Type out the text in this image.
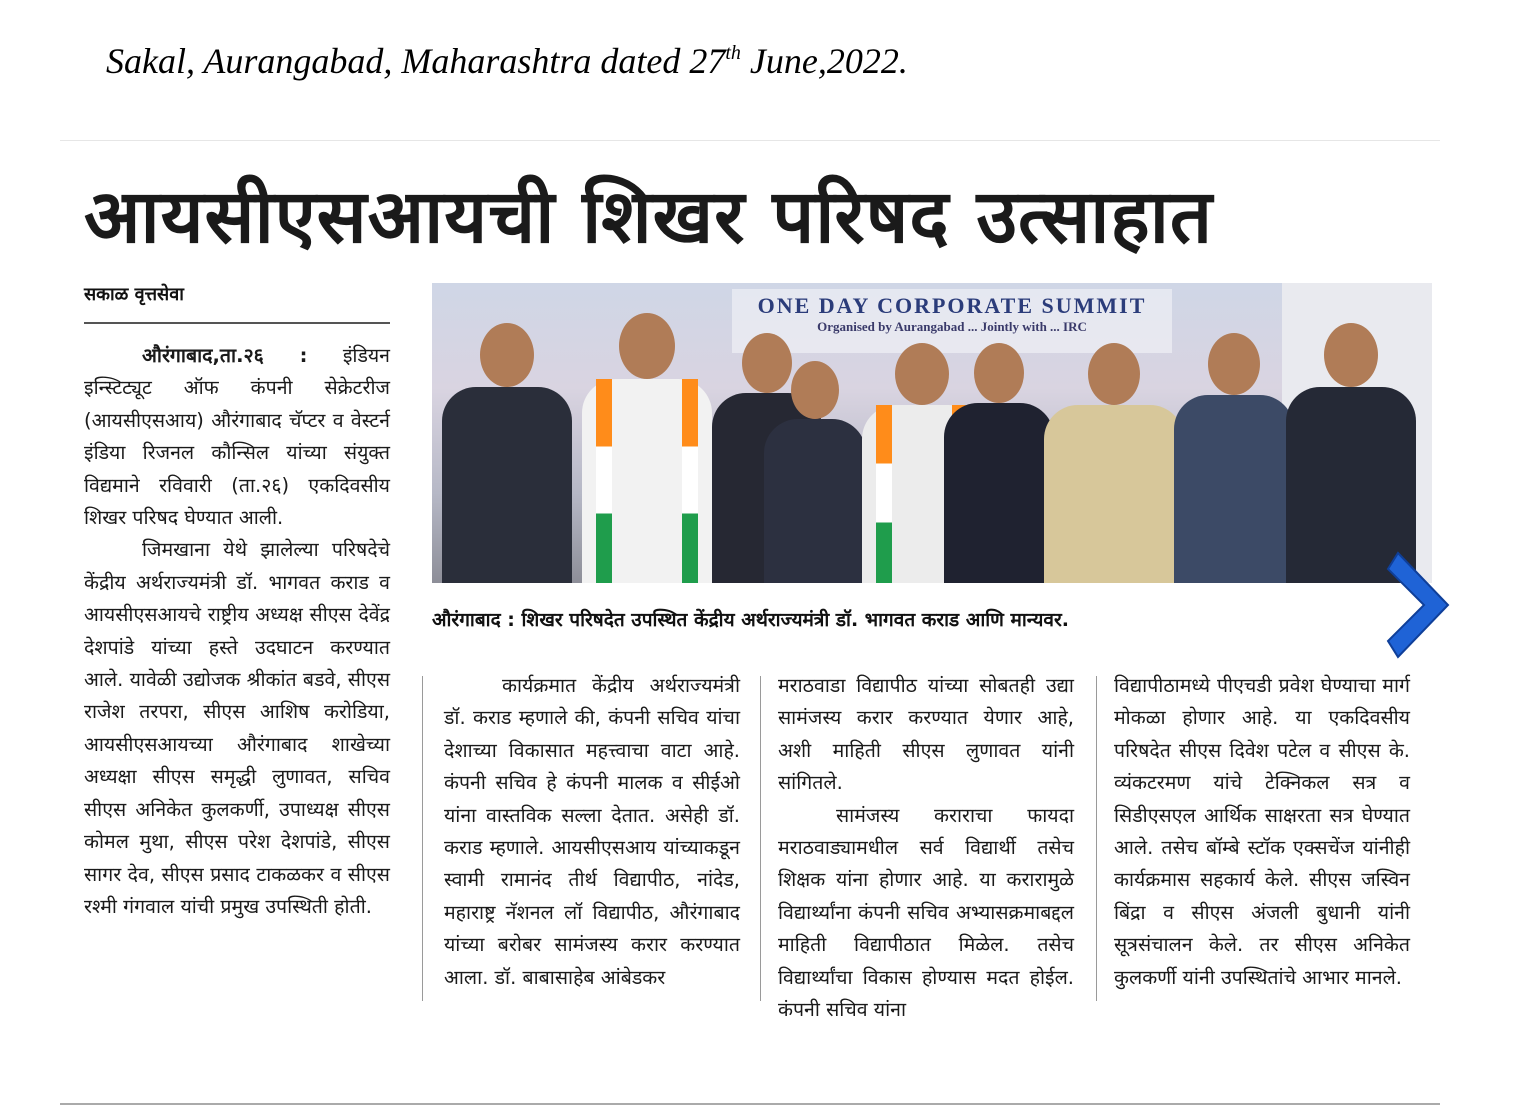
Sakal, Aurangabad, Maharashtra dated 27th June,2022.
आयसीएसआयची शिखर परिषद उत्साहात
सकाळ वृत्तसेवा

औरंगाबाद,ता.२६ : इंडियन इन्स्टिट्यूट ऑफ कंपनी सेक्रेटरीज (आयसीएसआय) औरंगाबाद चॅप्टर व वेस्टर्न इंडिया रिजनल कौन्सिल यांच्या संयुक्त विद्यमाने रविवारी (ता.२६) एकदिवसीय शिखर परिषद घेण्यात आली.

जिमखाना येथे झालेल्या परिषदेचे केंद्रीय अर्थराज्यमंत्री डॉ. भागवत कराड व आयसीएसआयचे राष्ट्रीय अध्यक्ष सीएस देवेंद्र देशपांडे यांच्या हस्ते उदघाटन करण्यात आले. यावेळी उद्योजक श्रीकांत बडवे, सीएस राजेश तरपरा, सीएस आशिष करोडिया, आयसीएसआयच्या औरंगाबाद शाखेच्या अध्यक्षा सीएस समृद्धी लुणावत, सचिव सीएस अनिकेत कुलकर्णी, उपाध्यक्ष सीएस कोमल मुथा, सीएस परेश देशपांडे, सीएस सागर देव, सीएस प्रसाद टाकळकर व सीएस रश्मी गंगवाल यांची प्रमुख उपस्थिती होती.

ONE DAY CORPORATE SUMMIT
Organised by Aurangabad ... Jointly with ... IRC
औरंगाबाद : शिखर परिषदेत उपस्थित केंद्रीय अर्थराज्यमंत्री डॉ. भागवत कराड आणि मान्यवर.

कार्यक्रमात केंद्रीय अर्थराज्यमंत्री डॉ. कराड म्हणाले की, कंपनी सचिव यांचा देशाच्या विकासात महत्त्वाचा वाटा आहे. कंपनी सचिव हे कंपनी मालक व सीईओ यांना वास्तविक सल्ला देतात. असेही डॉ. कराड म्हणाले. आयसीएसआय यांच्याकडून स्वामी रामानंद तीर्थ विद्यापीठ, नांदेड, महाराष्ट्र नॅशनल लॉ विद्यापीठ, औरंगाबाद यांच्या बरोबर सामंजस्य करार करण्यात आला. डॉ. बाबासाहेब आंबेडकर

मराठवाडा विद्यापीठ यांच्या सोबतही उद्या सामंजस्य करार करण्यात येणार आहे, अशी माहिती सीएस लुणावत यांनी सांगितले.

सामंजस्य कराराचा फायदा मराठवाड्यामधील सर्व विद्यार्थी तसेच शिक्षक यांना होणार आहे. या करारामुळे विद्यार्थ्यांना कंपनी सचिव अभ्यासक्रमाबद्दल माहिती विद्यापीठात मिळेल. तसेच विद्यार्थ्यांचा विकास होण्यास मदत होईल. कंपनी सचिव यांना

विद्यापीठामध्ये पीएचडी प्रवेश घेण्याचा मार्ग मोकळा होणार आहे. या एकदिवसीय परिषदेत सीएस दिवेश पटेल व सीएस के. व्यंकटरमण यांचे टेक्निकल सत्र व सिडीएसएल आर्थिक साक्षरता सत्र घेण्यात आले. तसेच बॉम्बे स्टॉक एक्सचेंज यांनीही कार्यक्रमास सहकार्य केले. सीएस जस्विन बिंद्रा व सीएस अंजली बुधानी यांनी सूत्रसंचालन केले. तर सीएस अनिकेत कुलकर्णी यांनी उपस्थितांचे आभार मानले.
